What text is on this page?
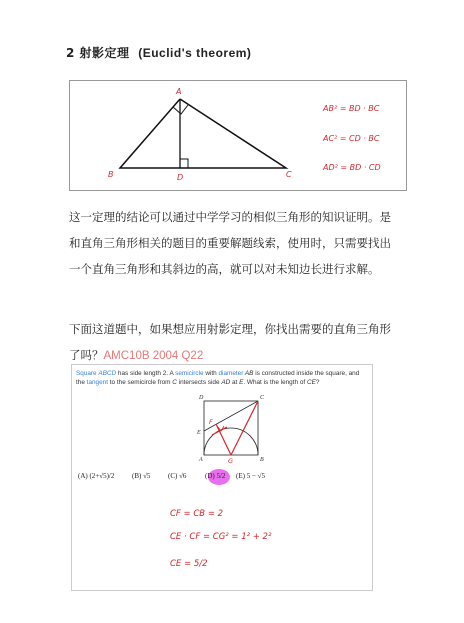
2 射影定理 (Euclid's theorem)
A
B	D	C
AB² = BD · BC
AC² = CD · BC
AD² = BD · CD
这一定理的结论可以通过中学学习的相似三角形的知识证明。是和直角三角形相关的题目的重要解题线索，使用时，只需要找出一个直角三角形和其斜边的高，就可以对未知边长进行求解。
下面这道题中，如果想应用射影定理，你找出需要的直角三角形了吗？AMC10B 2004 Q22
Square ABCD has side length 2. A semicircle with diameter AB is constructed inside the square, and
the tangent to the semicircle from C intersects side AD at E. What is the length of CE?
D	C
E
F
A	G	B
CF = CB = 2
CE · CF = CG² = 1² + 2²
CE = 5/2
(A) (2+√5)/2	(B) √5	(C) √6	(D) 5/2 (E) 5 − √5
